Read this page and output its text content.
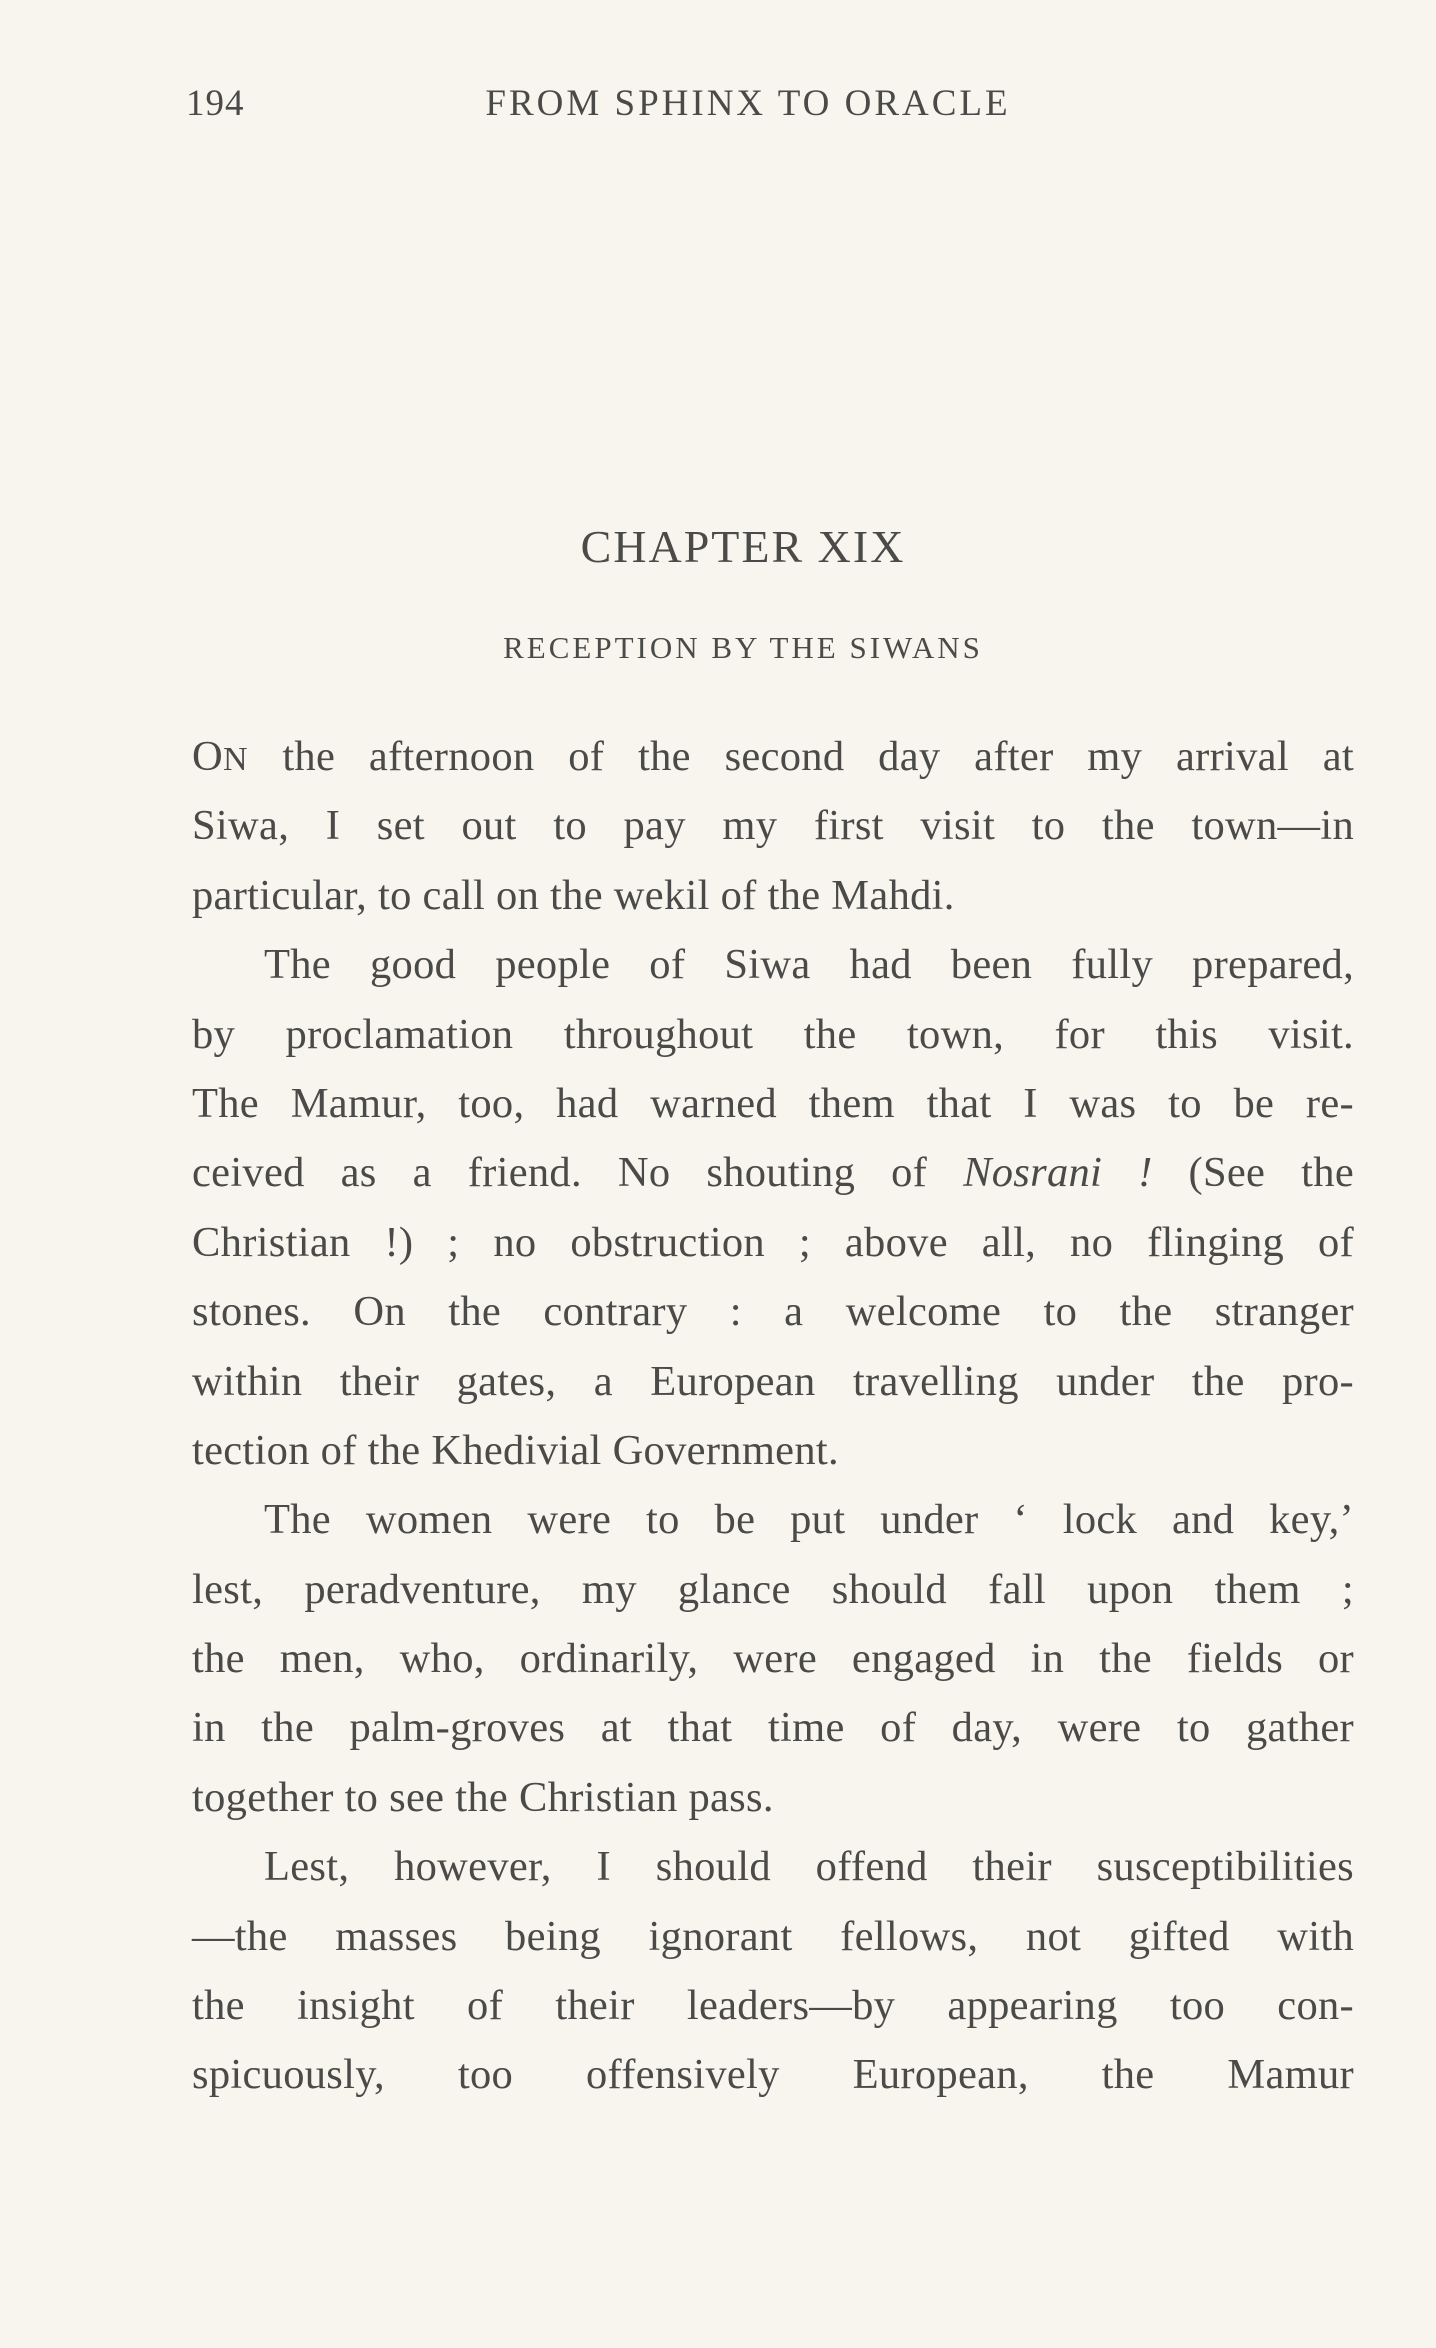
194	FROM SPHINX TO ORACLE
CHAPTER XIX
RECEPTION BY THE SIWANS
ON the afternoon of the second day after my arrival at
Siwa, I set out to pay my first visit to the town—in
particular, to call on the wekil of the Mahdi.
The good people of Siwa had been fully prepared,
by proclamation throughout the town, for this visit.
The Mamur, too, had warned them that I was to be re-
ceived as a friend. No shouting of Nosrani ! (See the
Christian !) ; no obstruction ; above all, no flinging of
stones. On the contrary : a welcome to the stranger
within their gates, a European travelling under the pro-
tection of the Khedivial Government.
The women were to be put under ‘ lock and key,’
lest, peradventure, my glance should fall upon them ;
the men, who, ordinarily, were engaged in the fields or
in the palm-groves at that time of day, were to gather
together to see the Christian pass.
Lest, however, I should offend their susceptibilities
—the masses being ignorant fellows, not gifted with
the insight of their leaders—by appearing too con-
spicuously, too offensively European, the Mamur
